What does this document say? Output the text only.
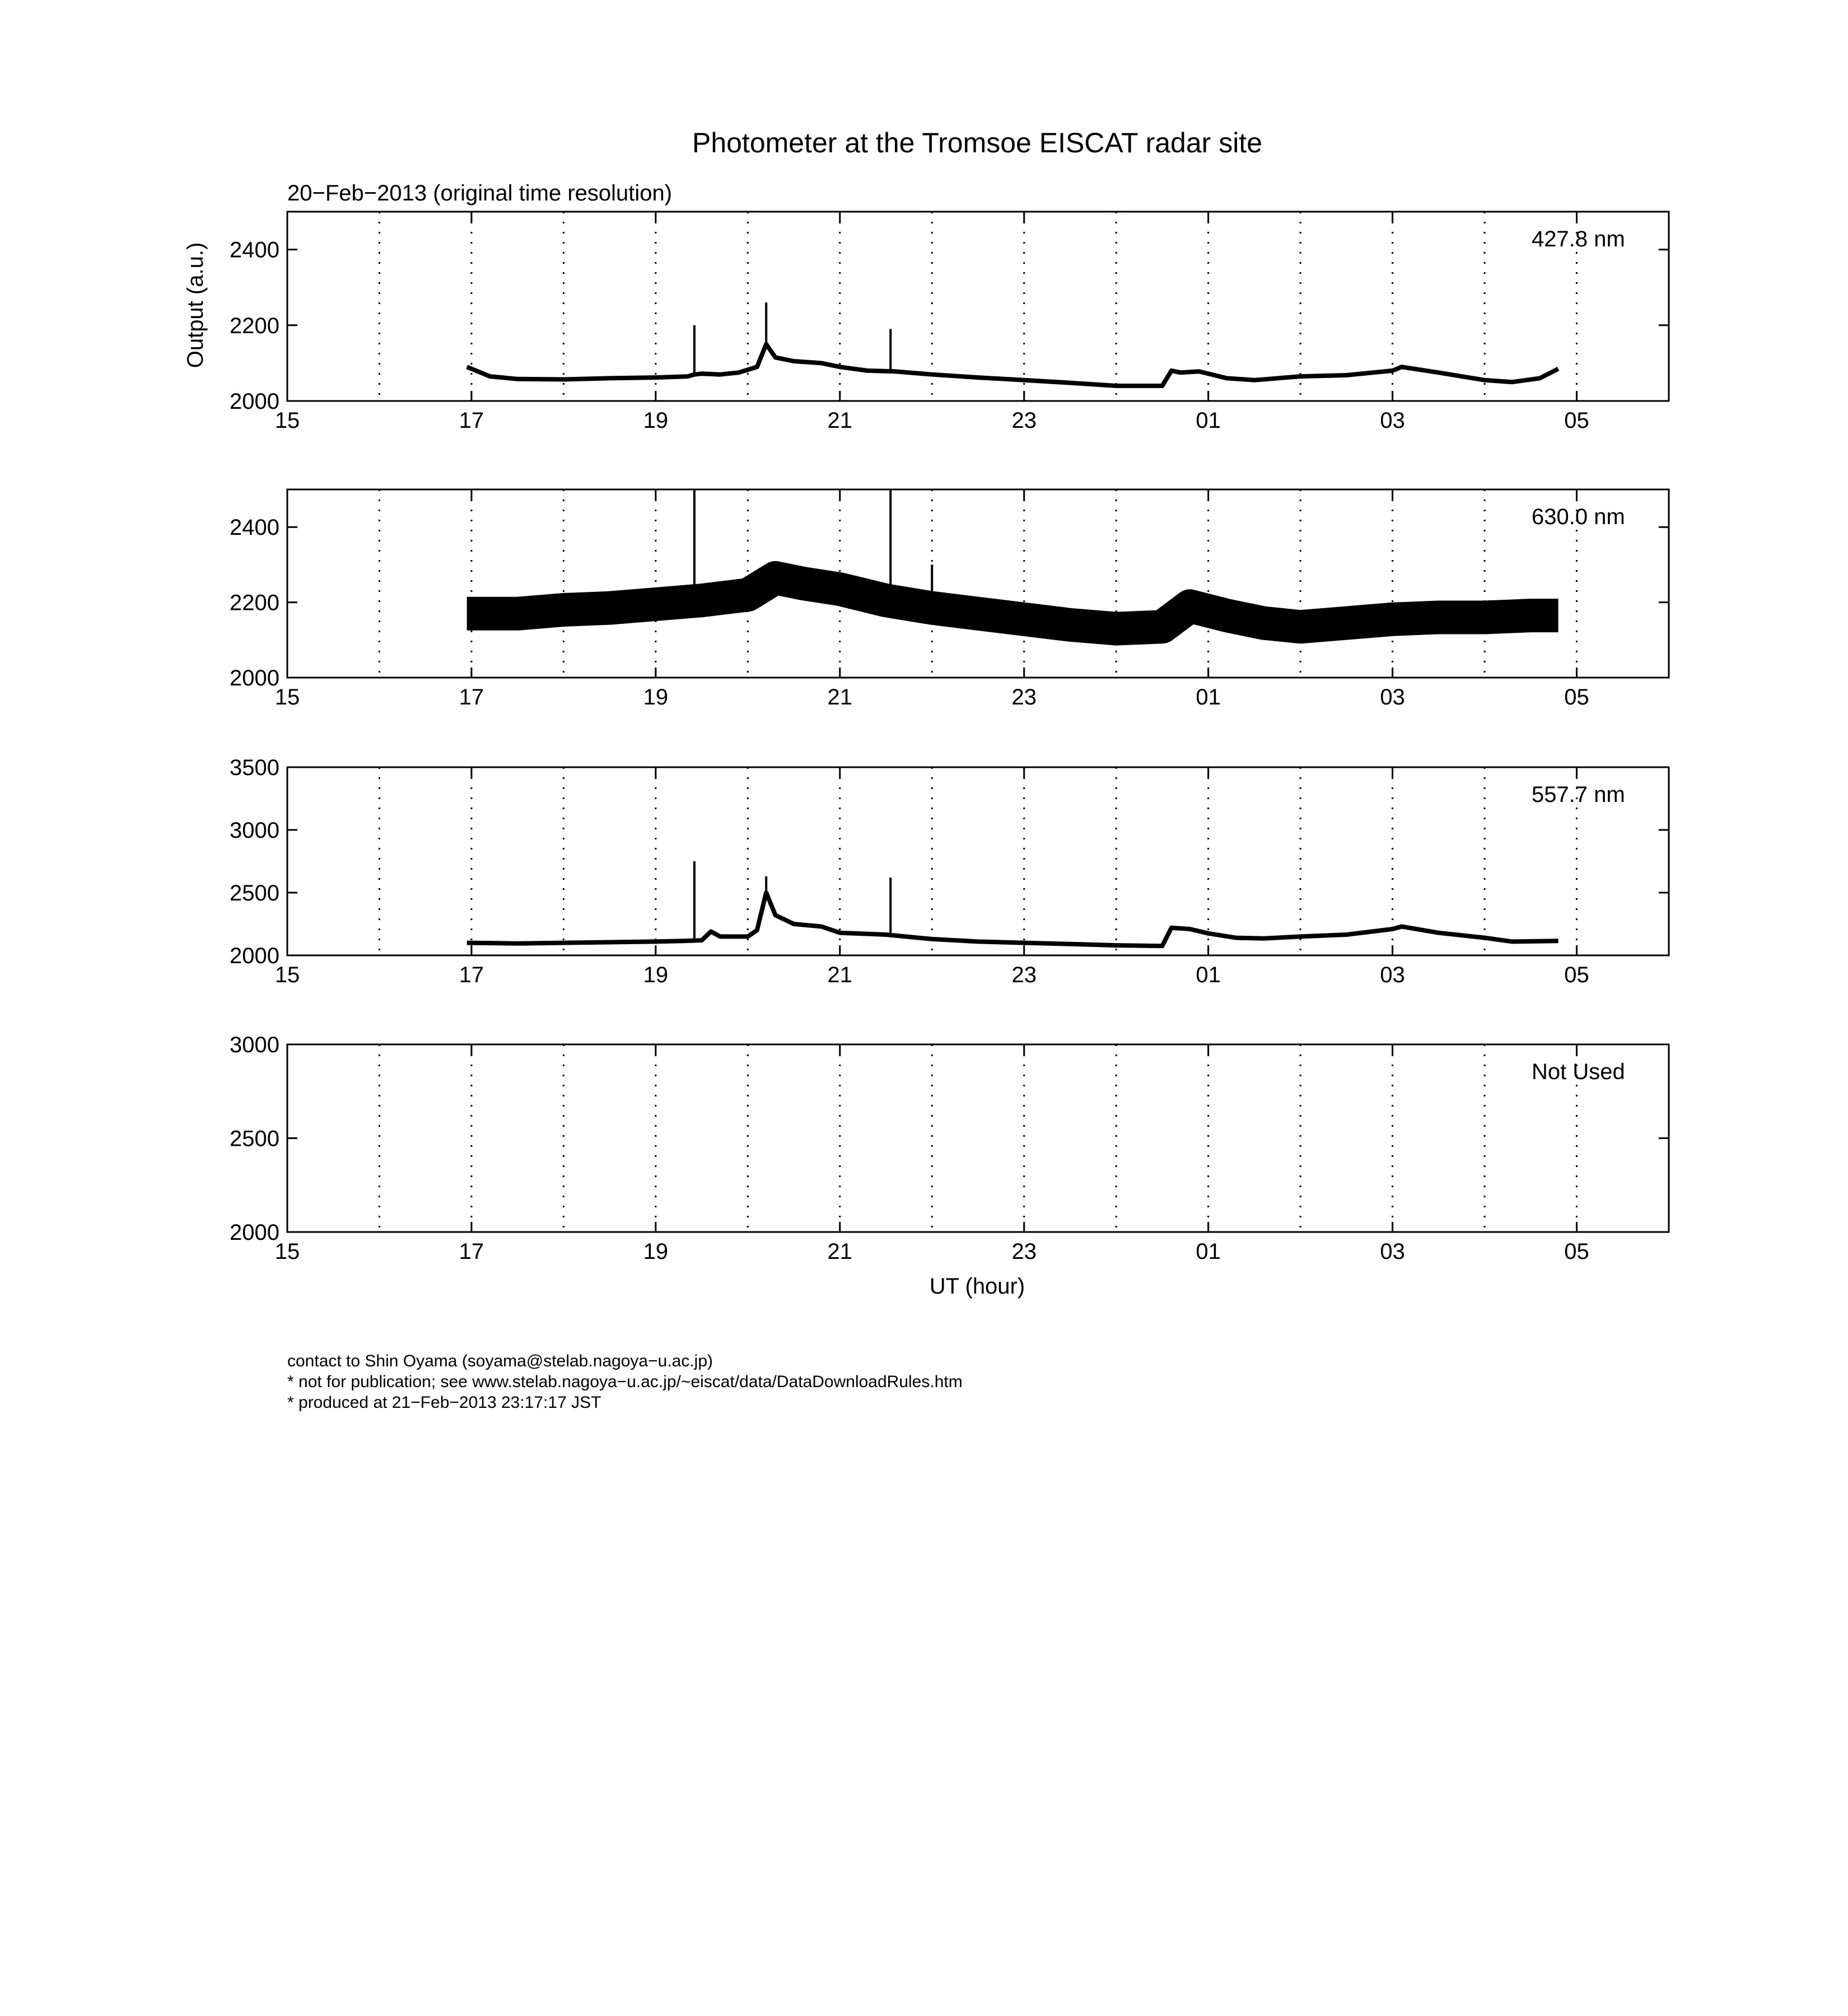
Photometer at the Tromsoe EISCAT radar site
20−Feb−2013 (original time resolution)
Output (a.u.)
UT (hour)
15	17	19	21	23	01	03	05
2000
2200
2400	427.8 nm
15	17	19	21	23	01	03	05
2000
2200
2400	630.0 nm
15	17	19	21	23	01	03	05
2000
2500
3000
3500
557.7 nm
15	17	19	21	23	01	03	05
2000
2500
3000
Not Used
contact to Shin Oyama (soyama@stelab.nagoya−u.ac.jp)
* not for publication; see www.stelab.nagoya−u.ac.jp/~eiscat/data/DataDownloadRules.htm
* produced at 21−Feb−2013 23:17:17 JST
